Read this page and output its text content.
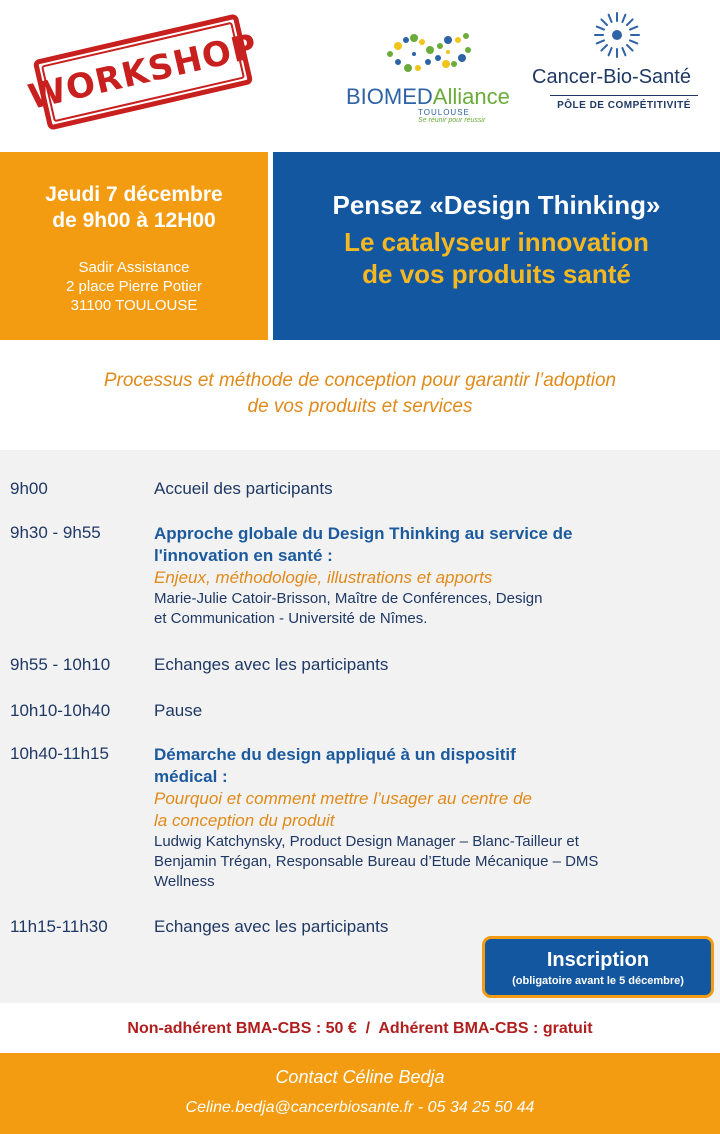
WORKSHOP	BIOMEDAlliance
TOULOUSE
Se réunir pour réussir
Cancer-Bio-Santé
PÔLE DE COMPÉTITIVITÉ
Jeudi 7 décembre
de 9h00 à 12H00
Sadir Assistance
2 place Pierre Potier
31100 TOULOUSE
Pensez «Design Thinking»
Le catalyseur innovation
de vos produits santé
Processus et méthode de conception pour garantir l’adoption
de vos produits et services
9h00	Accueil des participants
9h30 - 9h55	Approche globale du Design Thinking au service de
l'innovation en santé :
Enjeux, méthodologie, illustrations et apports
Marie-Julie Catoir-Brisson, Maître de Conférences, Design
et Communication - Université de Nîmes.
9h55 - 10h10	Echanges avec les participants
10h10-10h40	Pause
10h40-11h15	Démarche du design appliqué à un dispositif
médical :
Pourquoi et comment mettre l’usager au centre de
la conception du produit
Ludwig Katchynsky, Product Design Manager – Blanc-Tailleur et
Benjamin Trégan, Responsable Bureau d’Etude Mécanique – DMS
Wellness
11h15-11h30	Echanges avec les participants
Inscription
(obligatoire avant le 5 décembre)
Non-adhérent BMA-CBS : 50 €  /  Adhérent BMA-CBS : gratuit
Contact Céline Bedja
Celine.bedja@cancerbiosante.fr - 05 34 25 50 44
